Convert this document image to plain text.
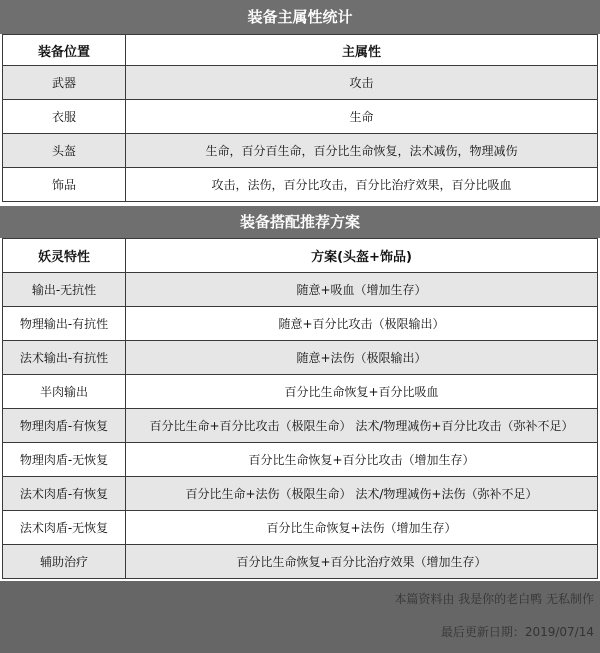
装备主属性统计
装备位置	主属性
武器	攻击
衣服	生命
头盔	生命，百分百生命，百分比生命恢复，法术减伤，物理减伤
饰品	攻击，法伤，百分比攻击，百分比治疗效果，百分比吸血
装备搭配推荐方案
妖灵特性	方案(头盔+饰品)
输出-无抗性	随意+吸血（增加生存）
物理输出-有抗性	随意+百分比攻击（极限输出）
法术输出-有抗性	随意+法伤（极限输出）
半肉输出	百分比生命恢复+百分比吸血
物理肉盾-有恢复	百分比生命+百分比攻击（极限生命） 法术/物理减伤+百分比攻击（弥补不足）
物理肉盾-无恢复	百分比生命恢复+百分比攻击（增加生存）
法术肉盾-有恢复	百分比生命+法伤（极限生命） 法术/物理减伤+法伤（弥补不足）
法术肉盾-无恢复	百分比生命恢复+法伤（增加生存）
辅助治疗	百分比生命恢复+百分比治疗效果（增加生存）
本篇资料由 我是你的老白鸭 无私制作
最后更新日期：2019/07/14
